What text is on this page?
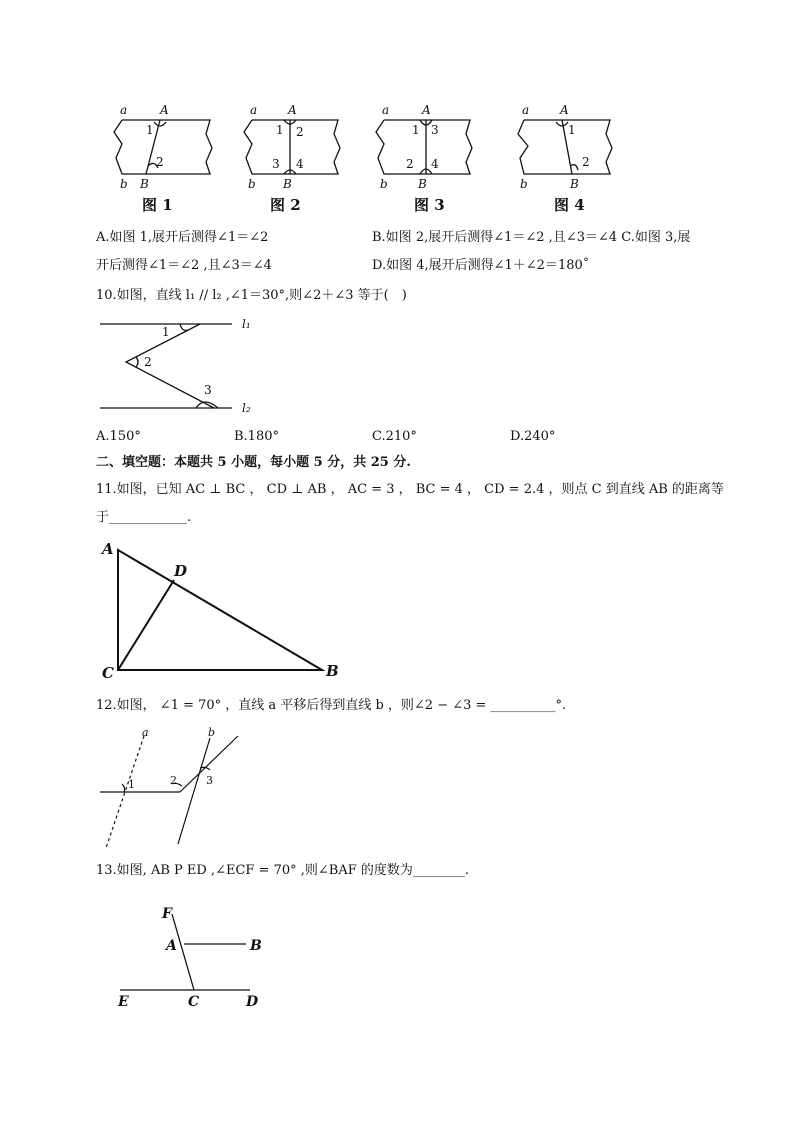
a	A
b B
a	A
b B
A
a
b	B
a	A
b	B
1
2
1 2
3 4
1 3
2 4
1
2
图 1	图 2	图 3	图 4
A.如图 1,展开后测得∠1＝∠2	B.如图 2,展开后测得∠1＝∠2 ,且∠3＝∠4 C.如图 3,展
开后测得∠1＝∠2 ,且∠3＝∠4	D.如图 4,展开后测得∠1＋∠2＝180˚
10.如图，直线 l₁ // l₂ ,∠1＝30°,则∠2＋∠3 等于(　)
1
2
3
l₁
l₂
A.150°	B.180°	C.210°	D.240°
二、填空题：本题共 5 小题，每小题 5 分，共 25 分.
11.如图，已知 AC ⊥ BC ， CD ⊥ AB ， AC = 3 ， BC = 4 ， CD = 2.4 ，则点 C 到直线 AB 的距离等
于____________.
A
D
C	B
12.如图， ∠1 = 70° ，直线 a 平移后得到直线 b ，则∠2 − ∠3 = __________°.
1	2	3
a	b
13.如图, AB P ED ,∠ECF = 70° ,则∠BAF 的度数为________.
F
A	B
E	C	D
